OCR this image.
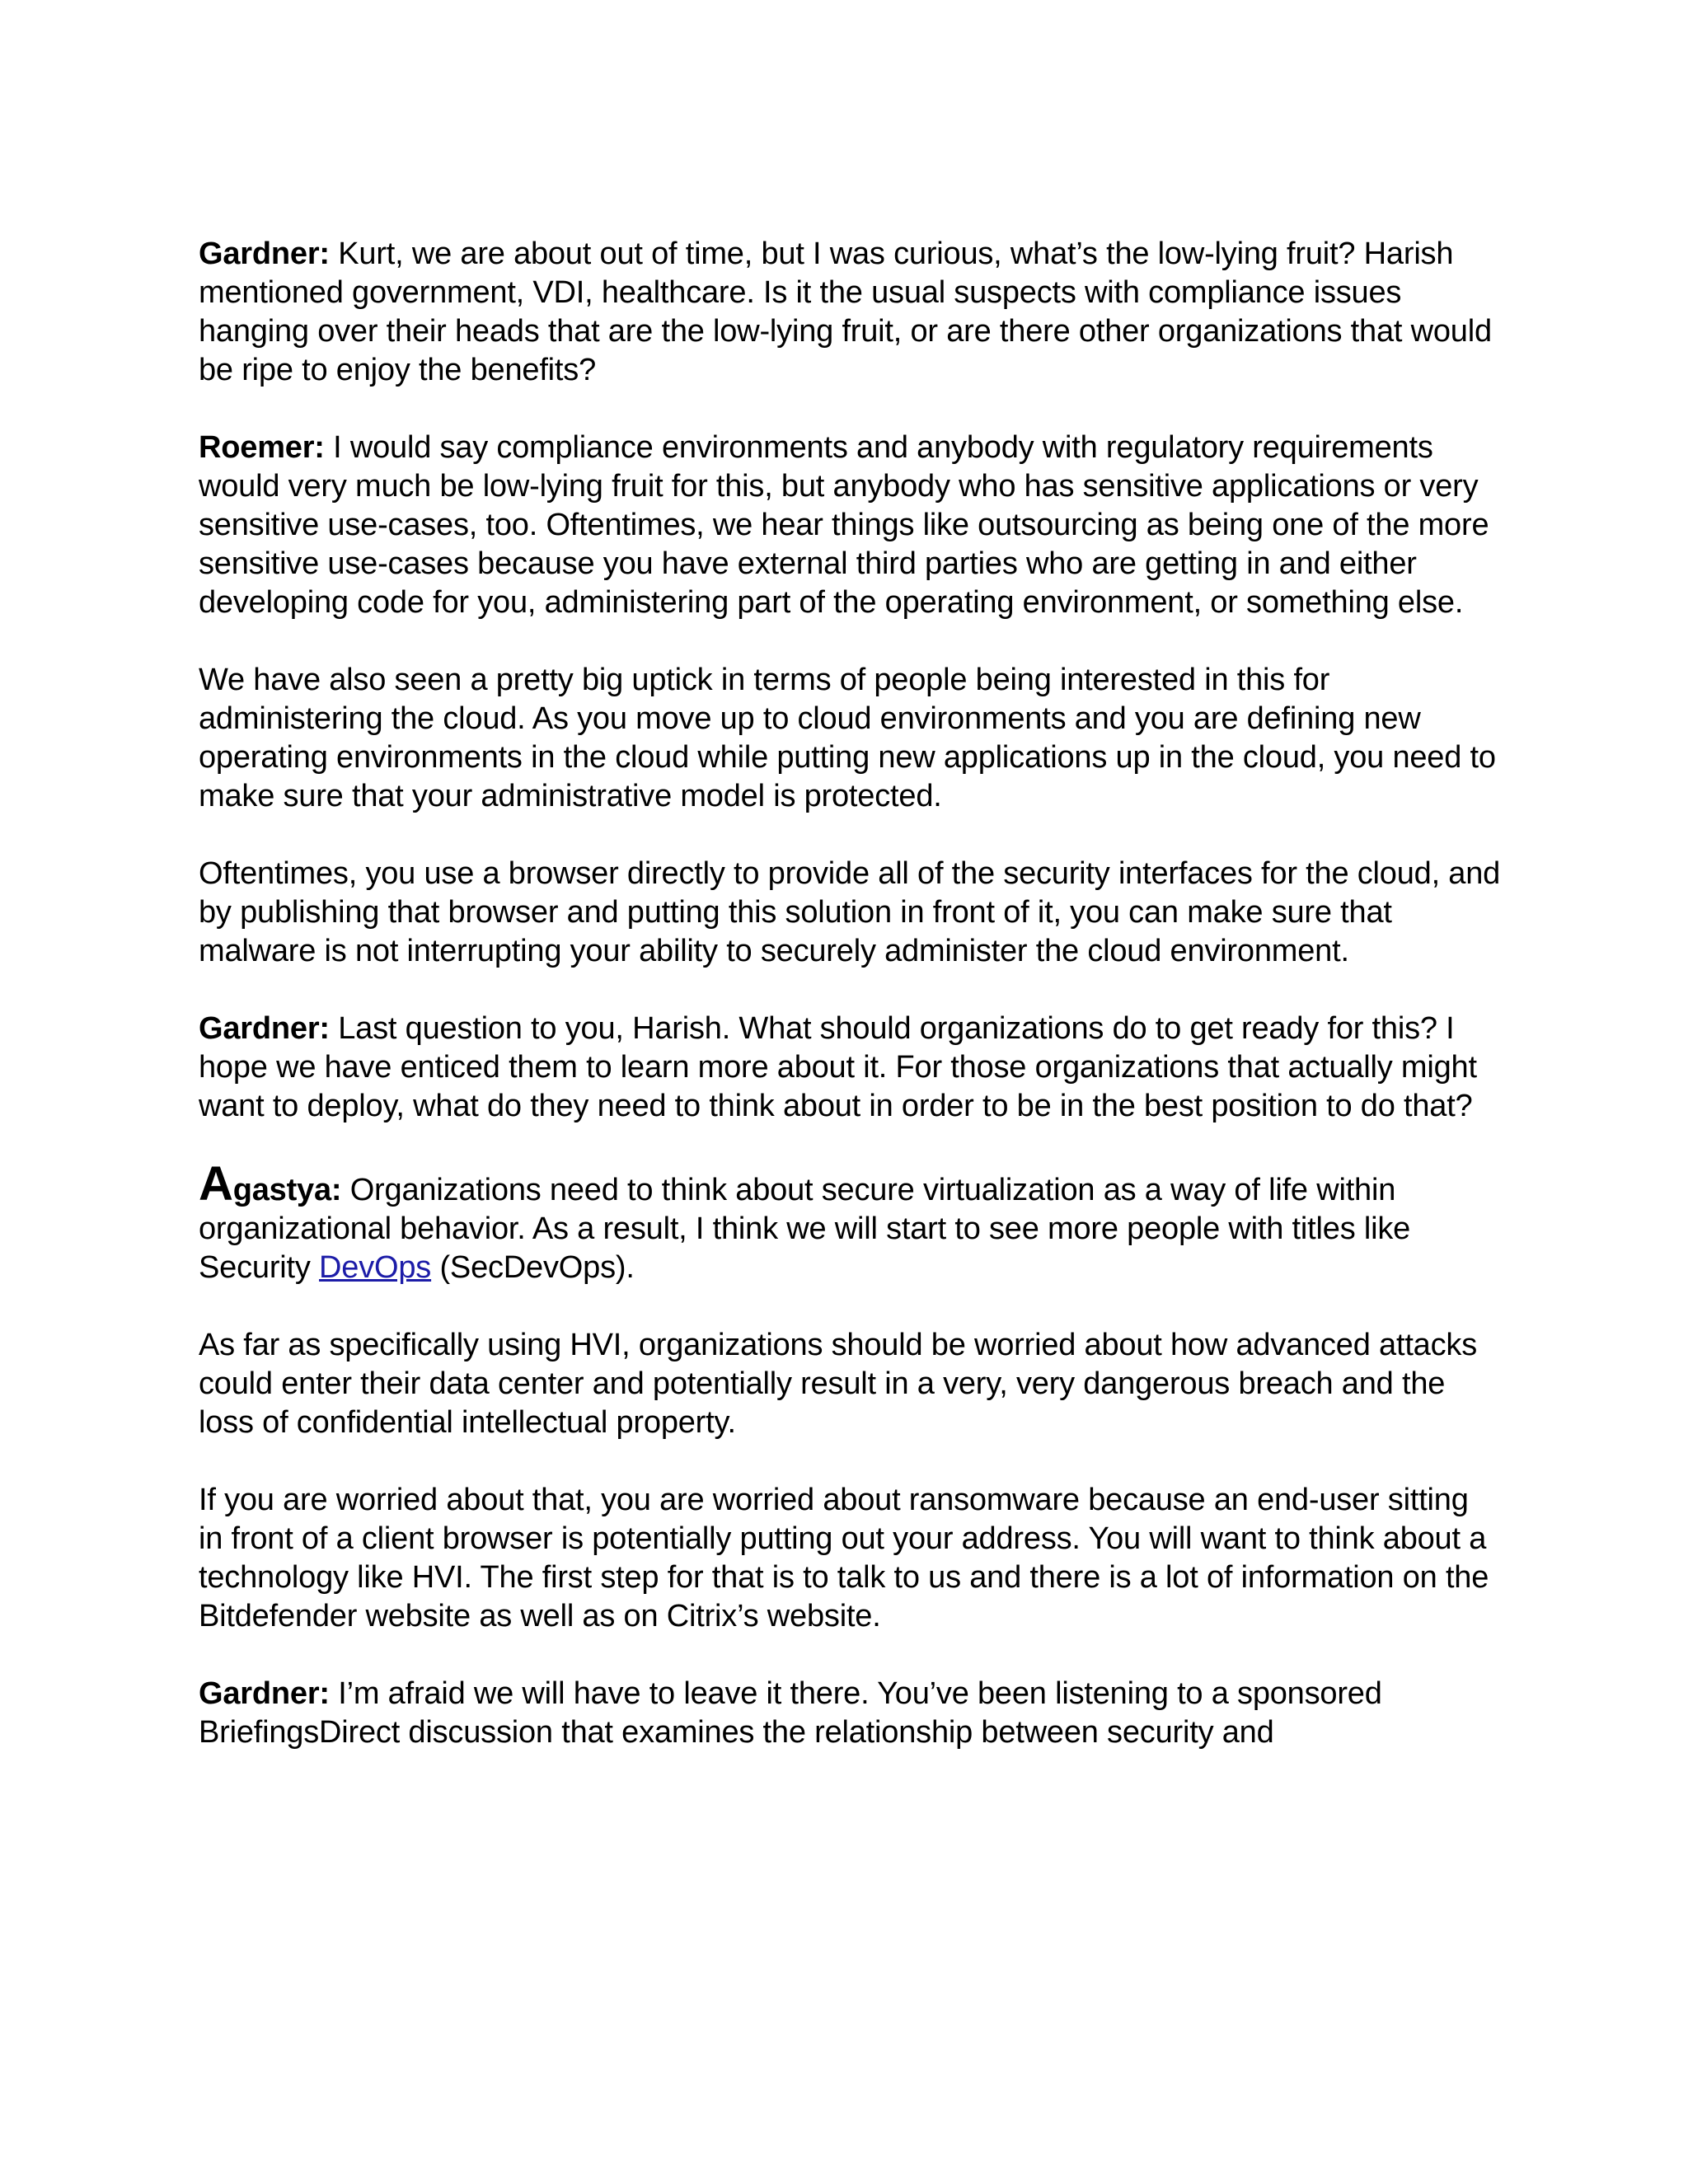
Gardner: Kurt, we are about out of time, but I was curious, what’s the low-lying fruit? Harish mentioned government, VDI, healthcare. Is it the usual suspects with compliance issues hanging over their heads that are the low-lying fruit, or are there other organizations that would be ripe to enjoy the benefits?

Roemer: I would say compliance environments and anybody with regulatory requirements would very much be low-lying fruit for this, but anybody who has sensitive applications or very sensitive use-cases, too. Oftentimes, we hear things like outsourcing as being one of the more sensitive use-cases because you have external third parties who are getting in and either developing code for you, administering part of the operating environment, or something else.

We have also seen a pretty big uptick in terms of people being interested in this for administering the cloud. As you move up to cloud environments and you are defining new operating environments in the cloud while putting new applications up in the cloud, you need to make sure that your administrative model is protected.

Oftentimes, you use a browser directly to provide all of the security interfaces for the cloud, and by publishing that browser and putting this solution in front of it, you can make sure that malware is not interrupting your ability to securely administer the cloud environment.

Gardner: Last question to you, Harish. What should organizations do to get ready for this? I hope we have enticed them to learn more about it. For those organizations that actually might want to deploy, what do they need to think about in order to be in the best position to do that?

Agastya: Organizations need to think about secure virtualization as a way of life within organizational behavior. As a result, I think we will start to see more people with titles like Security DevOps (SecDevOps).

As far as specifically using HVI, organizations should be worried about how advanced attacks could enter their data center and potentially result in a very, very dangerous breach and the loss of confidential intellectual property.

If you are worried about that, you are worried about ransomware because an end-user sitting in front of a client browser is potentially putting out your address. You will want to think about a technology like HVI. The first step for that is to talk to us and there is a lot of information on the Bitdefender website as well as on Citrix’s website.

Gardner: I’m afraid we will have to leave it there. You’ve been listening to a sponsored BriefingsDirect discussion that examines the relationship between security and
